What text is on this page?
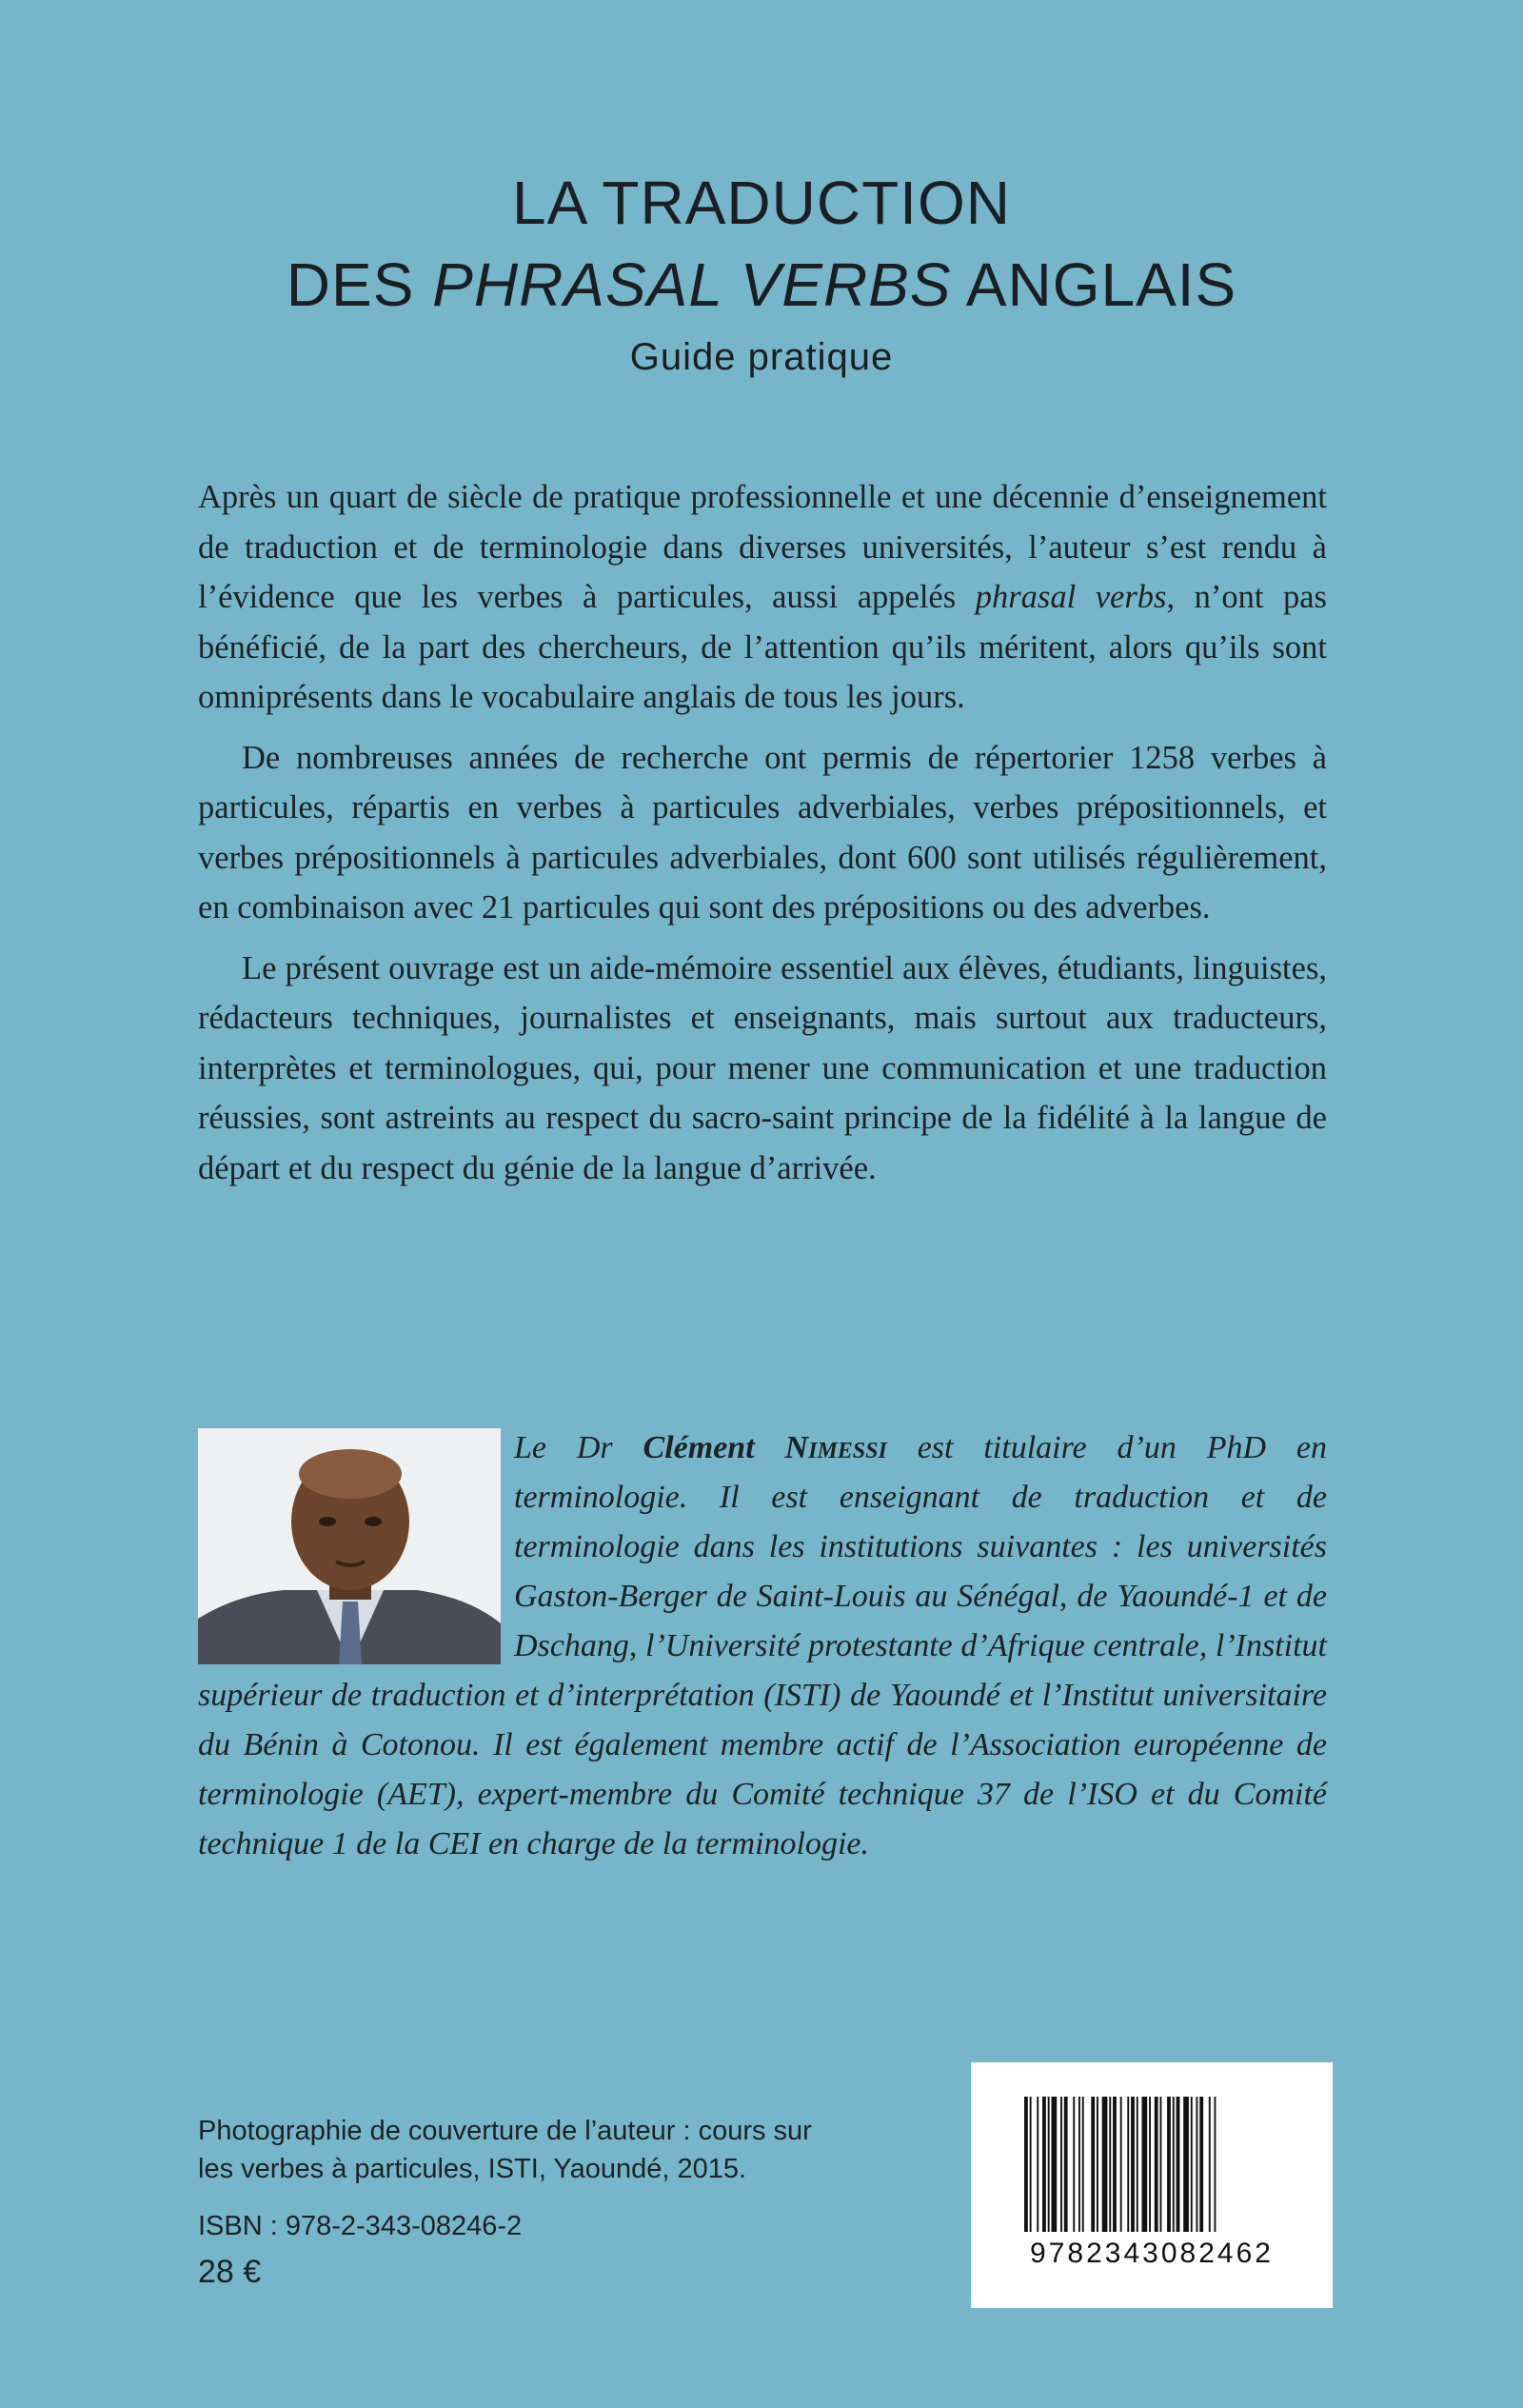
LA TRADUCTION
DES PHRASAL VERBS ANGLAIS
Guide pratique

Après un quart de siècle de pratique professionnelle et une décennie d’enseignement de traduction et de terminologie dans diverses universités, l’auteur s’est rendu à l’évidence que les verbes à particules, aussi appelés phrasal verbs, n’ont pas bénéficié, de la part des chercheurs, de l’attention qu’ils méritent, alors qu’ils sont omniprésents dans le vocabulaire anglais de tous les jours.

De nombreuses années de recherche ont permis de répertorier 1258 verbes à particules, répartis en verbes à particules adverbiales, verbes prépositionnels, et verbes prépositionnels à particules adverbiales, dont 600 sont utilisés régulièrement, en combinaison avec 21 particules qui sont des prépositions ou des adverbes.

Le présent ouvrage est un aide-mémoire essentiel aux élèves, étudiants, linguistes, rédacteurs techniques, journalistes et enseignants, mais surtout aux traducteurs, interprètes et terminologues, qui, pour mener une communication et une traduction réussies, sont astreints au respect du sacro-saint principe de la fidélité à la langue de départ et du respect du génie de la langue d’arrivée.

Le Dr Clément Nimessi est titulaire d’un PhD en terminologie. Il est enseignant de traduction et de terminologie dans les institutions suivantes : les universités Gaston-Berger de Saint-Louis au Sénégal, de Yaoundé-1 et de Dschang, l’Université protestante d’Afrique centrale, l’Institut supérieur de traduction et d’interprétation (ISTI) de Yaoundé et l’Institut universitaire du Bénin à Cotonou. Il est également membre actif de l’Association européenne de terminologie (AET), expert-membre du Comité technique 37 de l’ISO et du Comité technique 1 de la CEI en charge de la terminologie.
Photographie de couverture de l’auteur : cours sur
les verbes à particules, ISTI, Yaoundé, 2015.
ISBN : 978-2-343-08246-2
28 €
9782343082462
